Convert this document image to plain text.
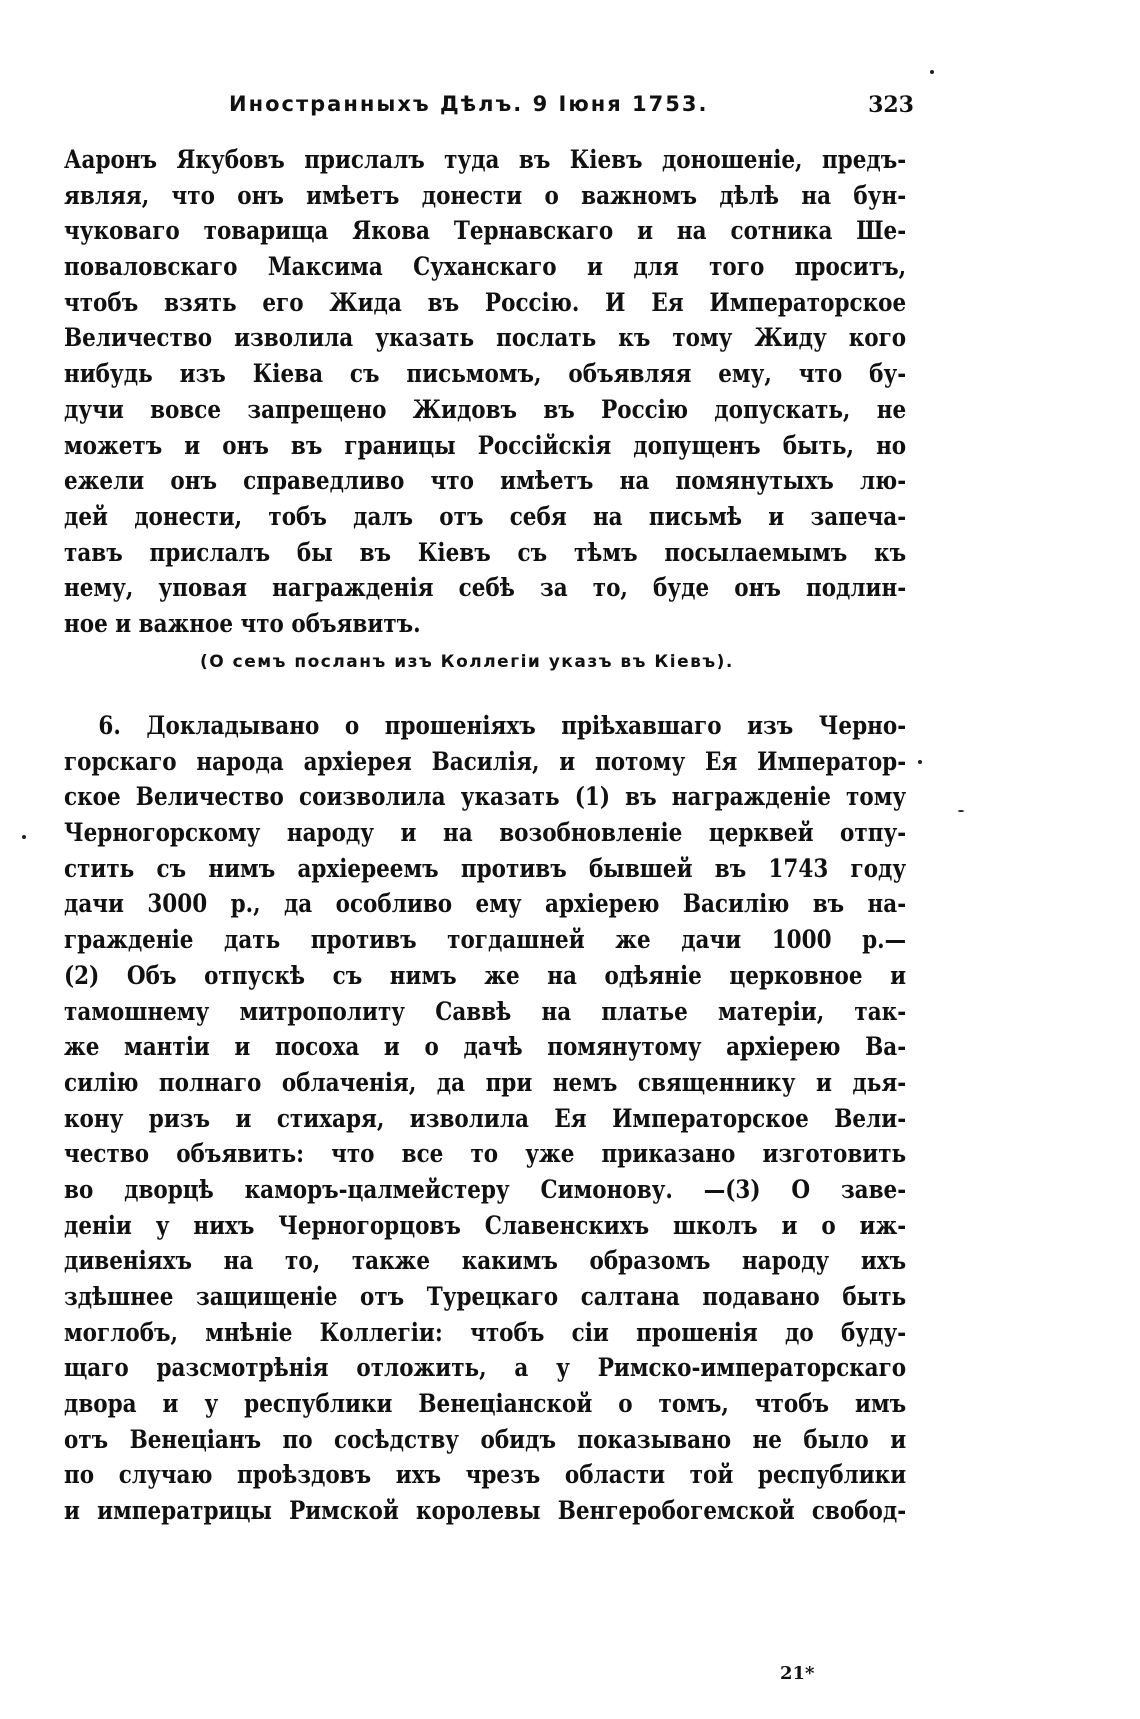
Иностранныхъ Дѣлъ. 9 Іюня 1753.	323
Ааронъ Якубовъ прислалъ туда въ Кіевъ доношеніе, предъ-
являя, что онъ имѣетъ донести о важномъ дѣлѣ на бун-
чуковаго товарища Якова Тернавскаго и на сотника Ше-
поваловскаго Максима Суханскаго и для того проситъ,
чтобъ взять его Жида въ Россію. И Ея Императорское
Величество изволила указать послать къ тому Жиду кого
нибудь изъ Кіева съ письмомъ, объявляя ему, что бу-
дучи вовсе запрещено Жидовъ въ Россію допускать, не
можетъ и онъ въ границы Россійскія допущенъ быть, но
ежели онъ справедливо что имѣетъ на помянутыхъ лю-
дей донести, тобъ далъ отъ себя на письмѣ и запеча-
тавъ прислалъ бы въ Кіевъ съ тѣмъ посылаемымъ къ
нему, уповая награжденія себѣ за то, буде онъ подлин-
ное и важное что объявитъ.
(О семъ посланъ изъ Коллегіи указъ въ Кіевъ).
6. Докладывано о прошеніяхъ пріѣхавшаго изъ Черно-
горскаго народа архіерея Василія, и потому Ея Император-
ское Величество соизволила указать (1) въ награжденіе тому
Черногорскому народу и на возобновленіе церквей отпу-
стить съ нимъ архіереемъ противъ бывшей въ 1743 году
дачи 3000 р., да особливо ему архіерею Василію въ на-
гражденіе дать противъ тогдашней же дачи 1000 р.—
(2) Объ отпускѣ съ нимъ же на одѣяніе церковное и
тамошнему митрополиту Саввѣ на платье матеріи, так-
же мантіи и посоха и о дачѣ помянутому архіерею Ва-
силію полнаго облаченія, да при немъ священнику и дья-
кону ризъ и стихаря, изволила Ея Императорское Вели-
чество объявить: что все то уже приказано изготовить
во дворцѣ каморъ-цалмейстеру Симонову. —(3) О заве-
деніи у нихъ Черногорцовъ Славенскихъ школъ и о иж-
дивеніяхъ на то, также какимъ образомъ народу ихъ
здѣшнее защищеніе отъ Турецкаго салтана подавано быть
моглобъ, мнѣніе Коллегіи: чтобъ сіи прошенія до буду-
щаго разсмотрѣнія отложить, а у Римско-императорскаго
двора и у республики Венеціанской о томъ, чтобъ имъ
отъ Венеціанъ по сосѣдству обидъ показывано не было и
по случаю проѣздовъ ихъ чрезъ области той республики
и императрицы Римской королевы Венгеробогемской свобод-
21*
